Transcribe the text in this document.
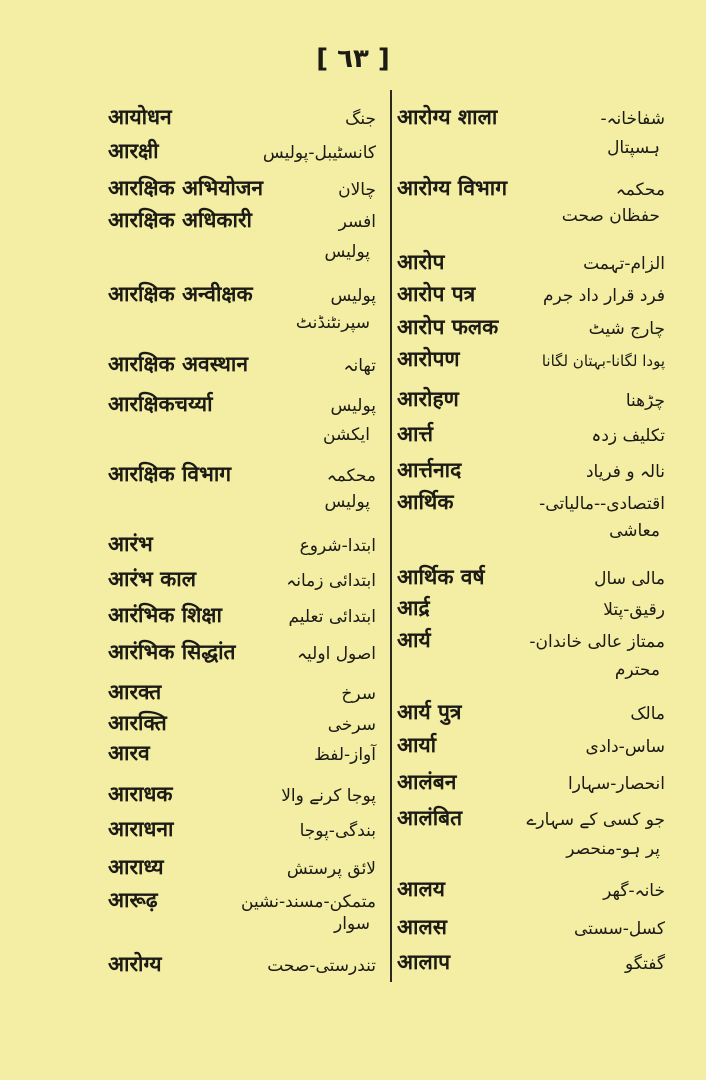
[ ٦٣ ]
आयोधन	جنگ
आरक्षी	کانسٹیبل-پولیس
आरक्षिक अभियोजन	چالان
आरक्षिक अधिकारी	افسر
پولیس
आरक्षिक अन्वीक्षक	پولیس
سپرنٹنڈنٹ
आरक्षिक अवस्थान	تھانہ
आरक्षिकचर्य्या	پولیس
ایکشن
आरक्षिक विभाग	محکمہ
پولیس
आरंभ	ابتدا-شروع
आरंभ काल	ابتدائی زمانہ
आरंभिक शिक्षा	ابتدائی تعلیم
आरंभिक सिद्धांत	اصول اولیہ
आरक्त	سرخ
आरक्ति	سرخی
आरव	آواز-لفظ
आराधक	پوجا کرنے والا
आराधना	بندگی-پوجا
आराध्य	لائق پرستش
आरूढ़	متمکن-مسند-نشین
سوار
आरोग्य	تندرستی-صحت
आरोग्य शाला	شفاخانہ-
ہسپتال
आरोग्य विभाग	محکمہ
حفظان صحت
आरोप	الزام-تہمت
आरोप पत्र	فرد قرار داد جرم
आरोप फलक	چارج شیٹ
आरोपण	پودا لگانا-بہتان لگانا
आरोहण	چڑھنا
आर्त्त	تکلیف زدہ
आर्त्तनाद	نالہ و فریاد
आर्थिक	اقتصادی--مالیاتی-
معاشی
आर्थिक वर्ष	مالی سال
आर्द्र	رقیق-پتلا
आर्य	ممتاز عالی خاندان-
محترم
आर्य पुत्र	مالک
आर्या	ساس-دادی
आलंबन	انحصار-سہارا
आलंबित	جو کسی کے سہارے
پر ہو-منحصر
आलय	خانہ-گھر
आलस	کسل-سستی
आलाप	گفتگو
